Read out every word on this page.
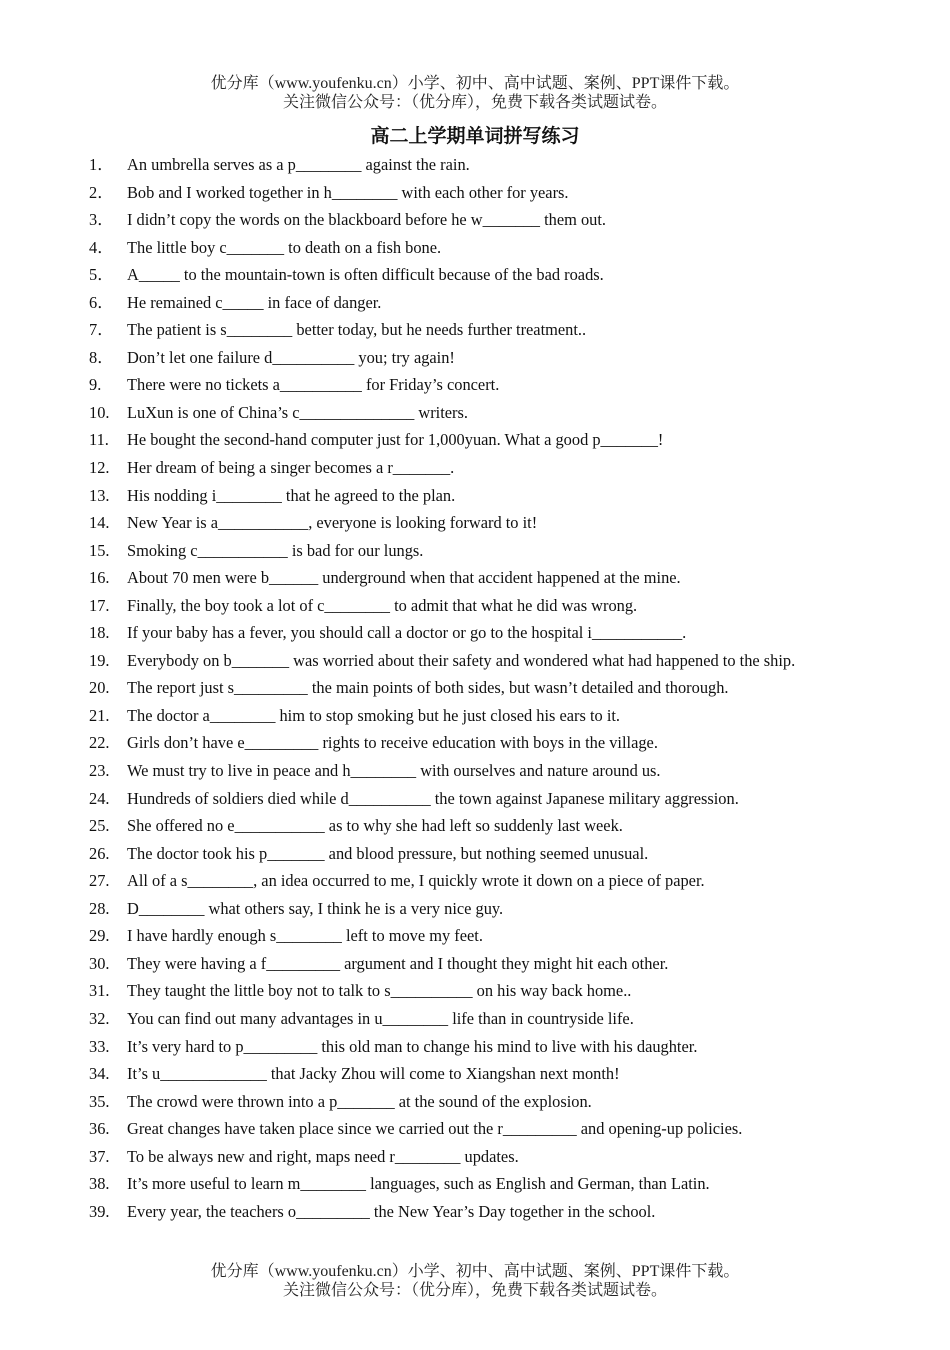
优分库（www.youfenku.cn）小学、初中、高中试题、案例、PPT课件下载。
关注微信公众号：（优分库），免费下载各类试题试卷。
高二上学期单词拼写练习
1． An umbrella serves as a p________ against the rain.
2． Bob and I worked together in h________ with each other for years.
3． I didn’t copy the words on the blackboard before he w_______ them out.
4． The little boy c_______ to death on a fish bone.
5． A_____ to the mountain-town is often difficult because of the bad roads.
6． He remained c_____ in face of danger.
7． The patient is s________ better today, but he needs further treatment..
8． Don’t let one failure d__________ you; try again!
9. There were no tickets a__________ for Friday’s concert.
10. LuXun is one of China’s c______________ writers.
11. He bought the second-hand computer just for 1,000yuan. What a good p_______!
12. Her dream of being a singer becomes a r_______.
13. His nodding i________ that he agreed to the plan.
14. New Year is a___________, everyone is looking forward to it!
15. Smoking c___________ is bad for our lungs.
16. About 70 men were b______ underground when that accident happened at the mine.
17. Finally, the boy took a lot of c________ to admit that what he did was wrong.
18. If your baby has a fever, you should call a doctor or go to the hospital i___________.
19. Everybody on b_______ was worried about their safety and wondered what had happened to the ship.
20. The report just s_________ the main points of both sides, but wasn’t detailed and thorough.
21. The doctor a________ him to stop smoking but he just closed his ears to it.
22. Girls don’t have e_________ rights to receive education with boys in the village.
23. We must try to live in peace and h________ with ourselves and nature around us.
24. Hundreds of soldiers died while d__________ the town against Japanese military aggression.
25. She offered no e___________ as to why she had left so suddenly last week.
26. The doctor took his p_______ and blood pressure, but nothing seemed unusual.
27. All of a s________, an idea occurred to me, I quickly wrote it down on a piece of paper.
28. D________ what others say, I think he is a very nice guy.
29. I have hardly enough s________ left to move my feet.
30. They were having a f_________ argument and I thought they might hit each other.
31. They taught the little boy not to talk to s__________ on his way back home..
32. You can find out many advantages in u________ life than in countryside life.
33. It’s very hard to p_________ this old man to change his mind to live with his daughter.
34. It’s u_____________ that Jacky Zhou will come to Xiangshan next month!
35. The crowd were thrown into a p_______ at the sound of the explosion.
36. Great changes have taken place since we carried out the r_________ and opening-up policies.
37. To be always new and right, maps need r________ updates.
38. It’s more useful to learn m________ languages, such as English and German, than Latin.
39. Every year, the teachers o_________ the New Year’s Day together in the school.
优分库（www.youfenku.cn）小学、初中、高中试题、案例、PPT课件下载。
关注微信公众号：（优分库），免费下载各类试题试卷。
